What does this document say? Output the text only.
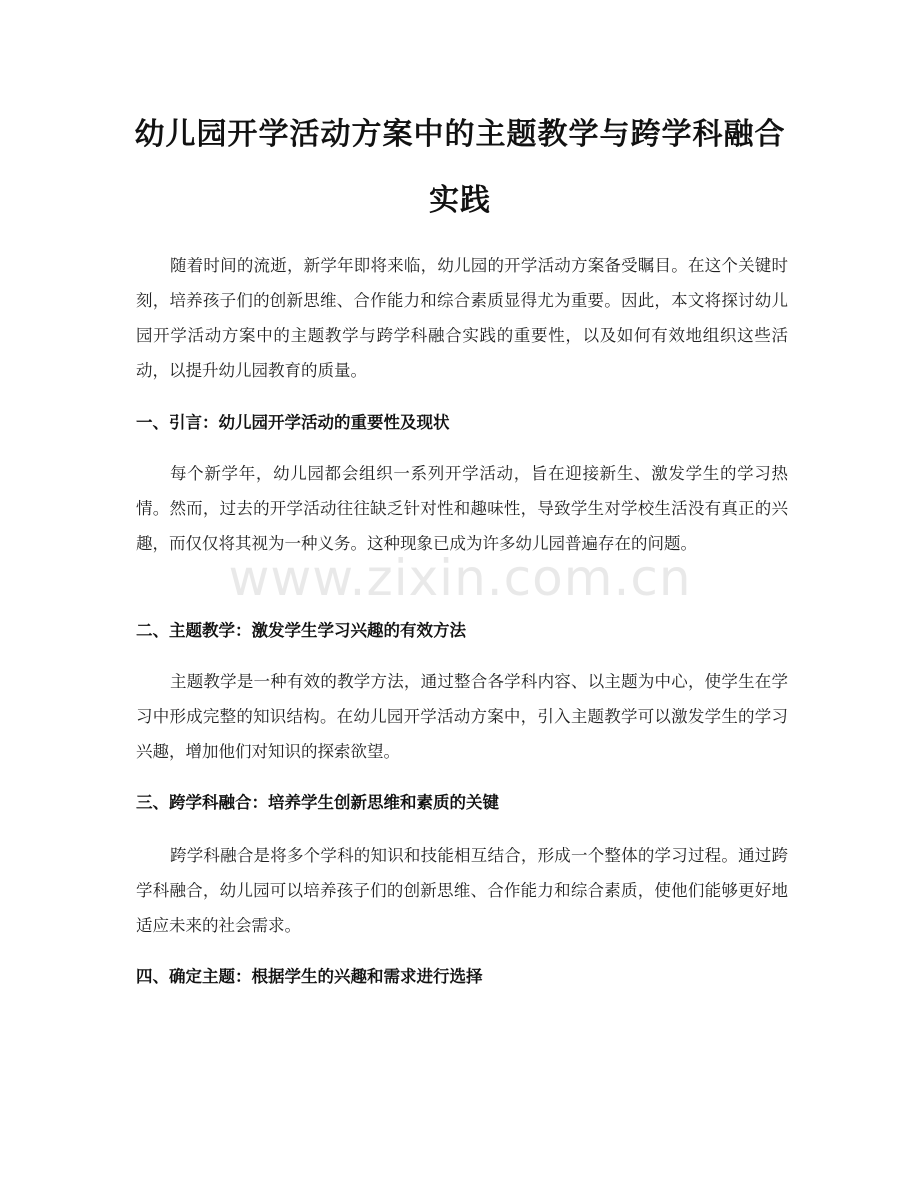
幼儿园开学活动方案中的主题教学与跨学科融合实践

随着时间的流逝，新学年即将来临，幼儿园的开学活动方案备受瞩目。在这个关键时刻，培养孩子们的创新思维、合作能力和综合素质显得尤为重要。因此，本文将探讨幼儿园开学活动方案中的主题教学与跨学科融合实践的重要性，以及如何有效地组织这些活动，以提升幼儿园教育的质量。

一、引言：幼儿园开学活动的重要性及现状

每个新学年，幼儿园都会组织一系列开学活动，旨在迎接新生、激发学生的学习热情。然而，过去的开学活动往往缺乏针对性和趣味性，导致学生对学校生活没有真正的兴趣，而仅仅将其视为一种义务。这种现象已成为许多幼儿园普遍存在的问题。

二、主题教学：激发学生学习兴趣的有效方法

主题教学是一种有效的教学方法，通过整合各学科内容、以主题为中心，使学生在学习中形成完整的知识结构。在幼儿园开学活动方案中，引入主题教学可以激发学生的学习兴趣，增加他们对知识的探索欲望。

三、跨学科融合：培养学生创新思维和素质的关键

跨学科融合是将多个学科的知识和技能相互结合，形成一个整体的学习过程。通过跨学科融合，幼儿园可以培养孩子们的创新思维、合作能力和综合素质，使他们能够更好地适应未来的社会需求。

四、确定主题：根据学生的兴趣和需求进行选择
www.zixin.com.cn
